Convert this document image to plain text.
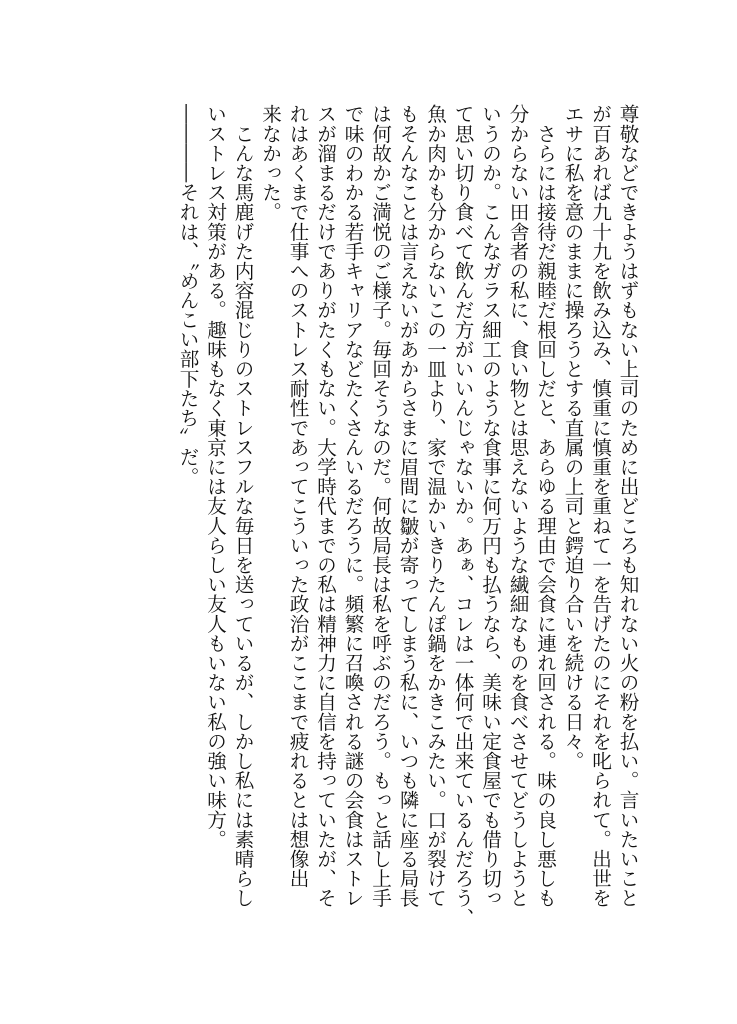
尊敬などできようはずもない上司のために出どころも知れない火の粉を払い。言いたいこと

が百あれば九十九を飲み込み、慎重に慎重を重ねて一を告げたのにそれを叱られて。出世を

エサに私を意のままに操ろうとする直属の上司と鍔迫り合いを続ける日々。

　さらには接待だ親睦だ根回しだと、あらゆる理由で会食に連れ回される。味の良し悪しも

分からない田舎者の私に、食い物とは思えないような繊細なものを食べさせてどうしようと

いうのか。こんなガラス細工のような食事に何万円も払うなら、美味い定食屋でも借り切っ

て思い切り食べて飲んだ方がいいんじゃないか。あぁ、コレは一体何で出来ているんだろう、

魚か肉かも分からないこの一皿より、家で温かいきりたんぽ鍋をかきこみたい。口が裂けて

もそんなことは言えないがあからさまに眉間に皺が寄ってしまう私に、いつも隣に座る局長

は何故かご満悦のご様子。毎回そうなのだ。何故局長は私を呼ぶのだろう。もっと話し上手

で味のわかる若手キャリアなどたくさんいるだろうに。頻繁に召喚される謎の会食はストレ

スが溜まるだけでありがたくもない。大学時代までの私は精神力に自信を持っていたが、そ

れはあくまで仕事へのストレス耐性であってこういった政治がここまで疲れるとは想像出

来なかった。

　こんな馬鹿げた内容混じりのストレスフルな毎日を送っているが、しかし私には素晴らし

いストレス対策がある。趣味もなく東京には友人らしい友人もいない私の強い味方。

――――それは、〝めんこい部下たち〟だ。
